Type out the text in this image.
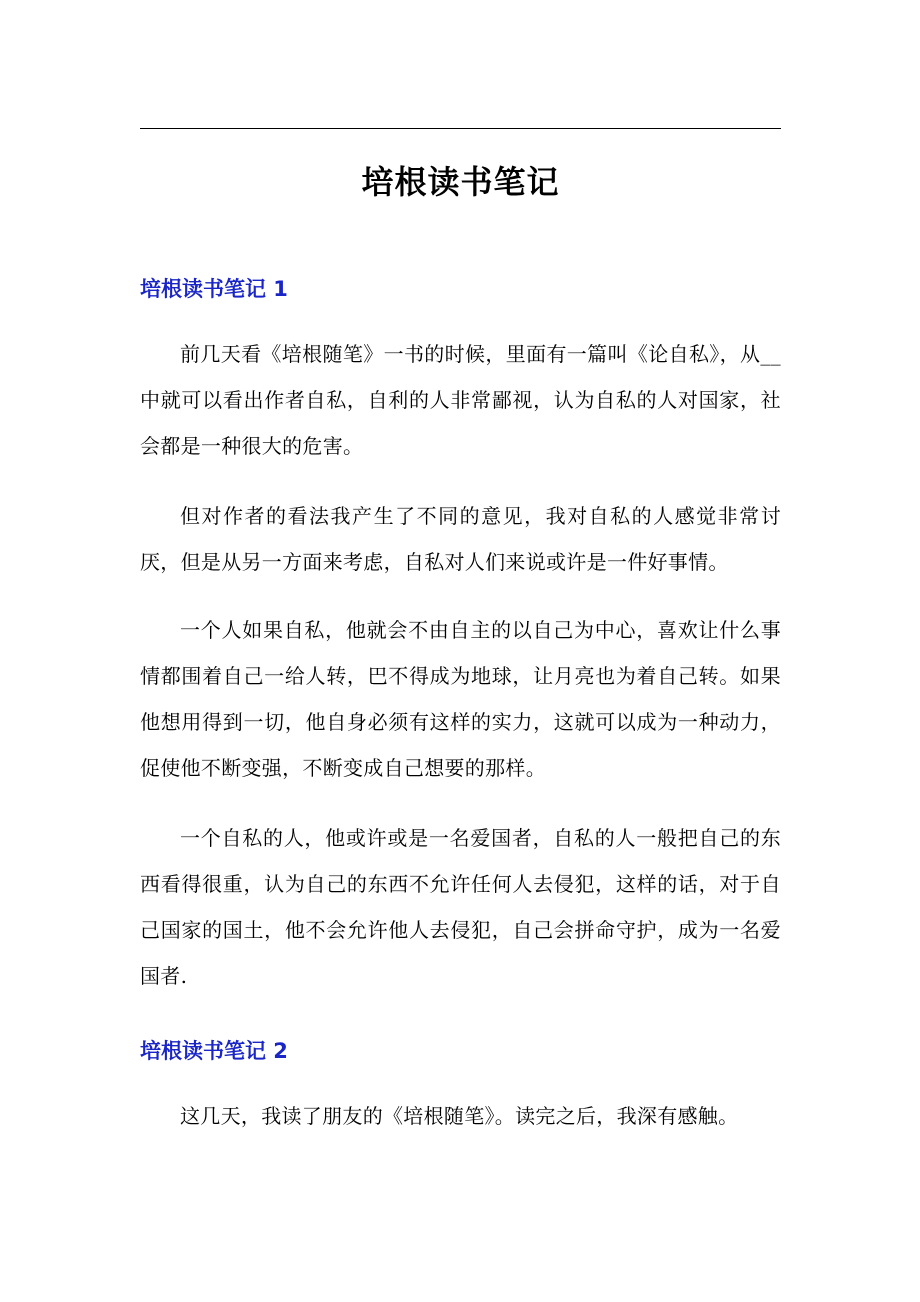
培根读书笔记
培根读书笔记 1

前几天看《培根随笔》一书的时候，里面有一篇叫《论自私》，从__中就可以看出作者自私，自利的人非常鄙视，认为自私的人对国家，社会都是一种很大的危害。

但对作者的看法我产生了不同的意见，我对自私的人感觉非常讨厌，但是从另一方面来考虑，自私对人们来说或许是一件好事情。

一个人如果自私，他就会不由自主的以自己为中心，喜欢让什么事情都围着自己一给人转，巴不得成为地球，让月亮也为着自己转。如果他想用得到一切，他自身必须有这样的实力，这就可以成为一种动力，促使他不断变强，不断变成自己想要的那样。

一个自私的人，他或许或是一名爱国者，自私的人一般把自己的东西看得很重，认为自己的东西不允许任何人去侵犯，这样的话，对于自己国家的国土，他不会允许他人去侵犯，自己会拼命守护，成为一名爱国者.

培根读书笔记 2

这几天，我读了朋友的《培根随笔》。读完之后，我深有感触。
